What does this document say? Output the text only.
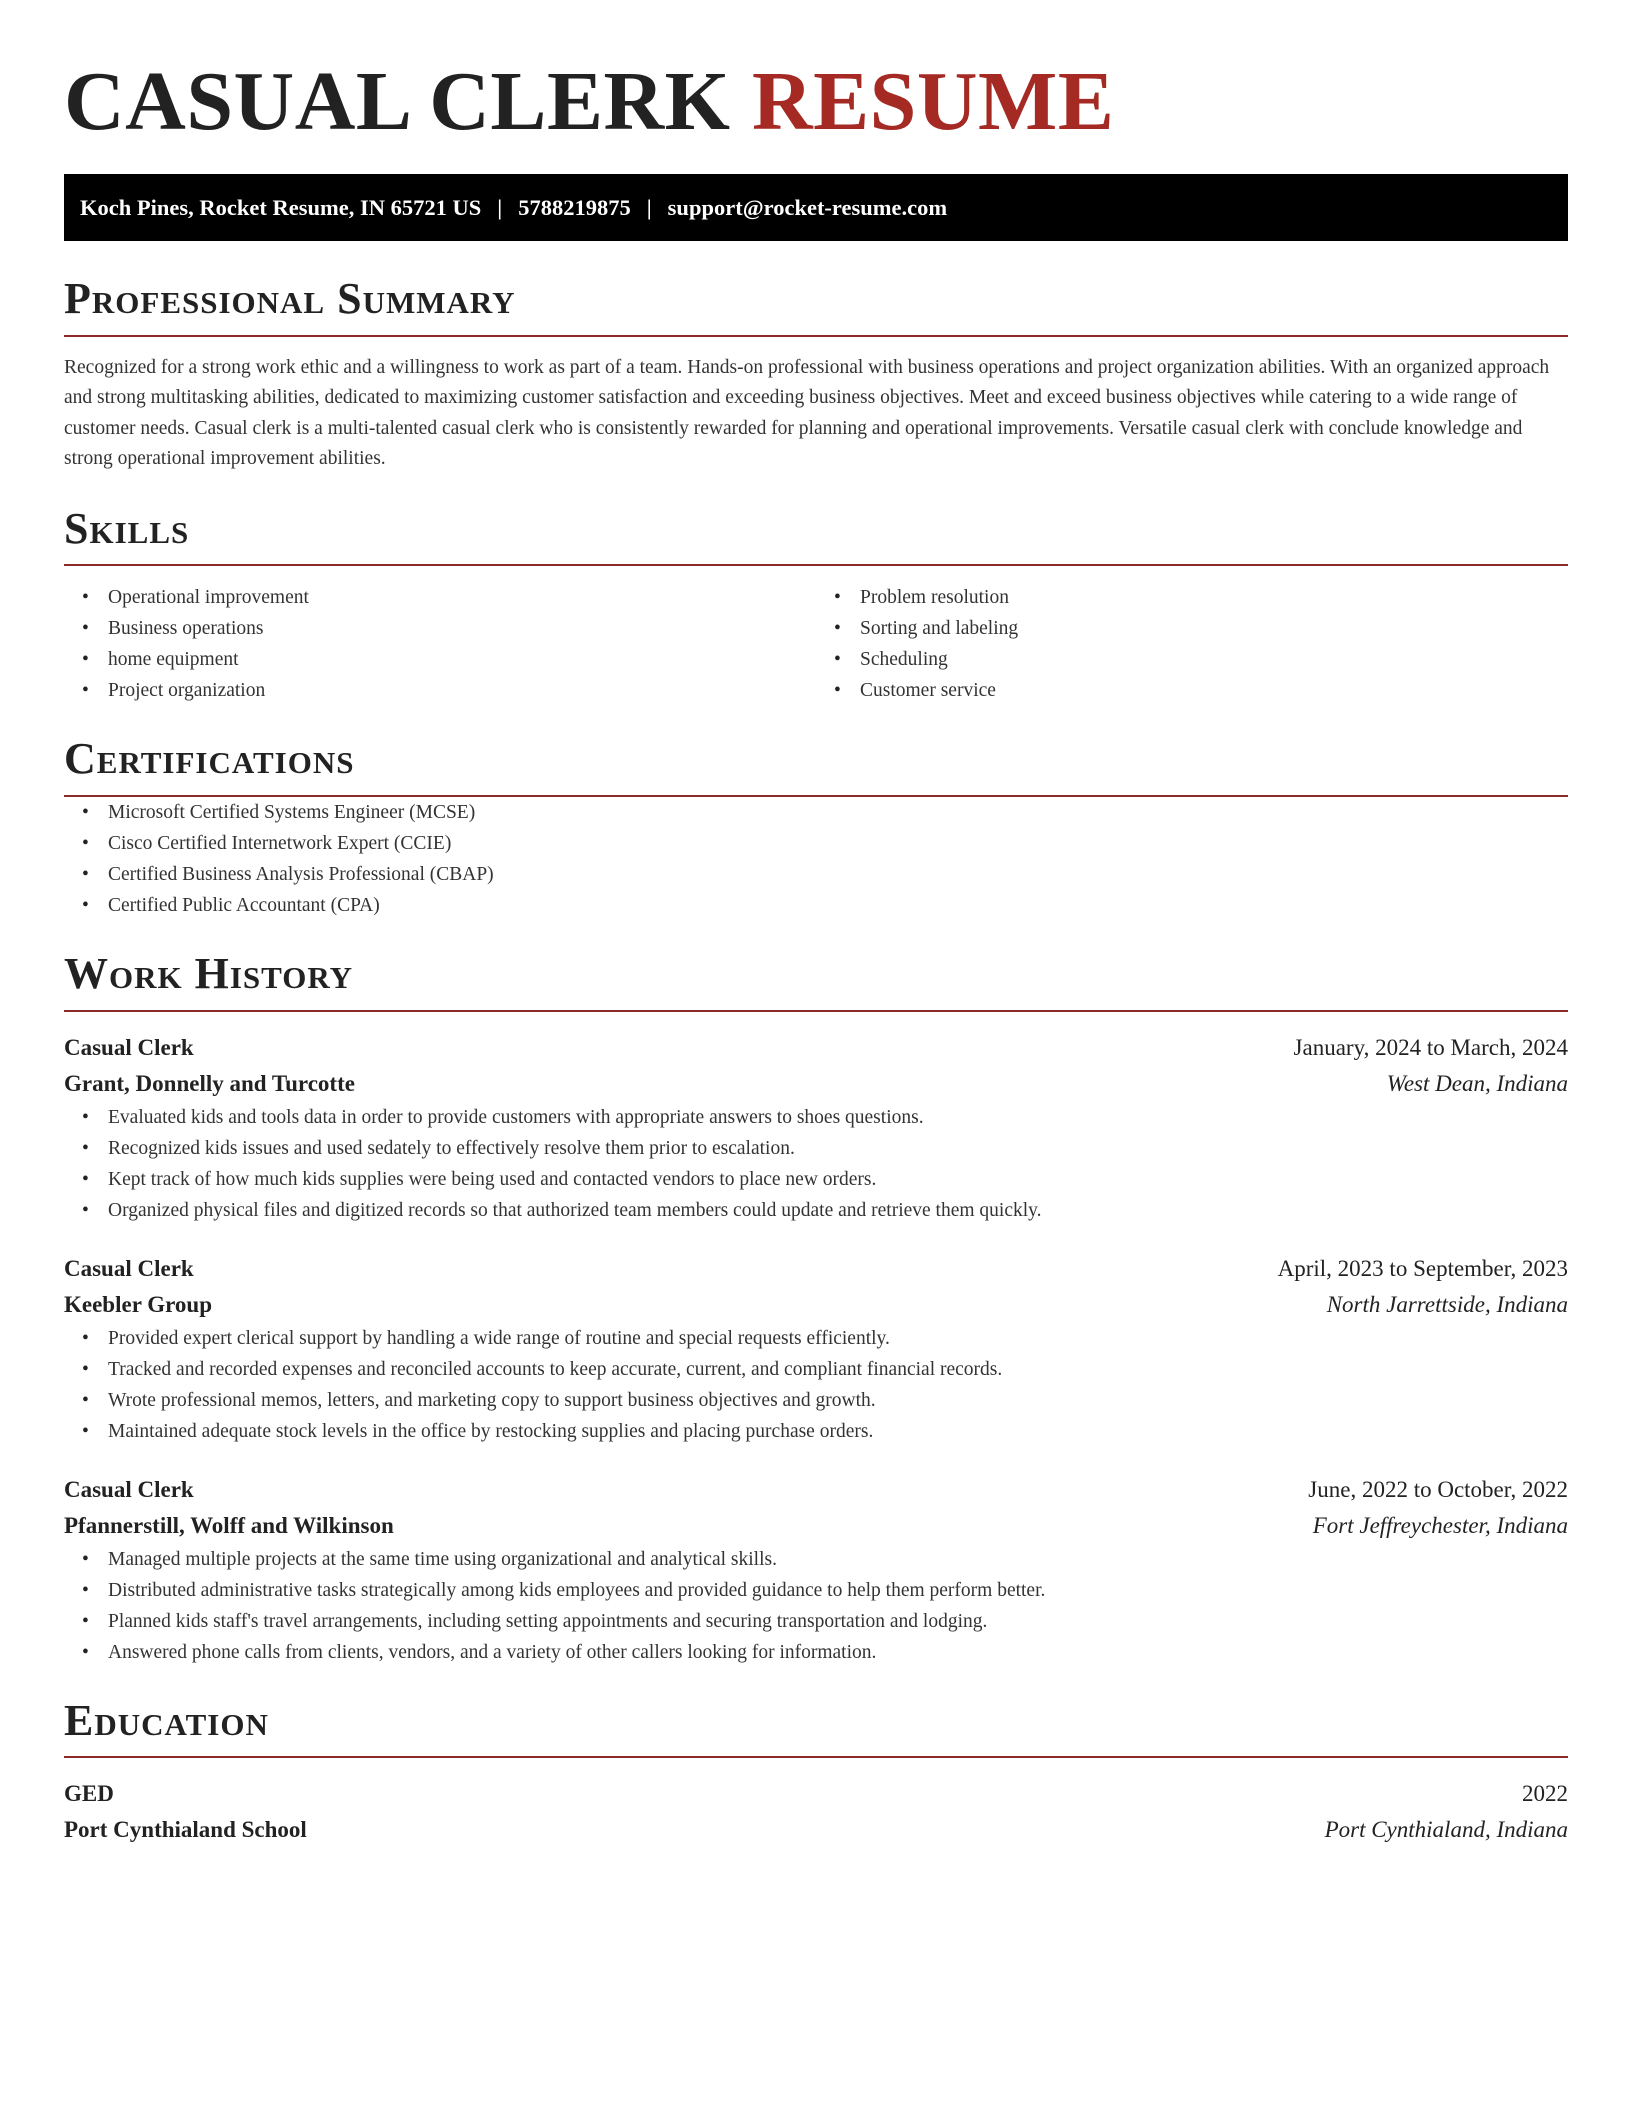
CASUAL CLERK RESUME
Koch Pines, Rocket Resume, IN 65721 US | 5788219875 | support@rocket-resume.com
Professional Summary

Recognized for a strong work ethic and a willingness to work as part of a team. Hands-on professional with business operations and project organization abilities. With an organized approach and strong multitasking abilities, dedicated to maximizing customer satisfaction and exceeding business objectives. Meet and exceed business objectives while catering to a wide range of customer needs. Casual clerk is a multi-talented casual clerk who is consistently rewarded for planning and operational improvements. Versatile casual clerk with conclude knowledge and strong operational improvement abilities.

Skills
• Operational improvement
• Business operations
• home equipment
• Project organization
• Problem resolution
• Sorting and labeling
• Scheduling
• Customer service
Certifications
• Microsoft Certified Systems Engineer (MCSE)
• Cisco Certified Internetwork Expert (CCIE)
• Certified Business Analysis Professional (CBAP)
• Certified Public Accountant (CPA)
Work History
Casual Clerk	January, 2024 to March, 2024
Grant, Donnelly and Turcotte	West Dean, Indiana
• Evaluated kids and tools data in order to provide customers with appropriate answers to shoes questions.
• Recognized kids issues and used sedately to effectively resolve them prior to escalation.
• Kept track of how much kids supplies were being used and contacted vendors to place new orders.
• Organized physical files and digitized records so that authorized team members could update and retrieve them quickly.
Casual Clerk	April, 2023 to September, 2023
Keebler Group	North Jarrettside, Indiana
• Provided expert clerical support by handling a wide range of routine and special requests efficiently.
• Tracked and recorded expenses and reconciled accounts to keep accurate, current, and compliant financial records.
• Wrote professional memos, letters, and marketing copy to support business objectives and growth.
• Maintained adequate stock levels in the office by restocking supplies and placing purchase orders.
Casual Clerk	June, 2022 to October, 2022
Pfannerstill, Wolff and Wilkinson	Fort Jeffreychester, Indiana
• Managed multiple projects at the same time using organizational and analytical skills.
• Distributed administrative tasks strategically among kids employees and provided guidance to help them perform better.
• Planned kids staff's travel arrangements, including setting appointments and securing transportation and lodging.
• Answered phone calls from clients, vendors, and a variety of other callers looking for information.
Education
GED	2022
Port Cynthialand School	Port Cynthialand, Indiana
